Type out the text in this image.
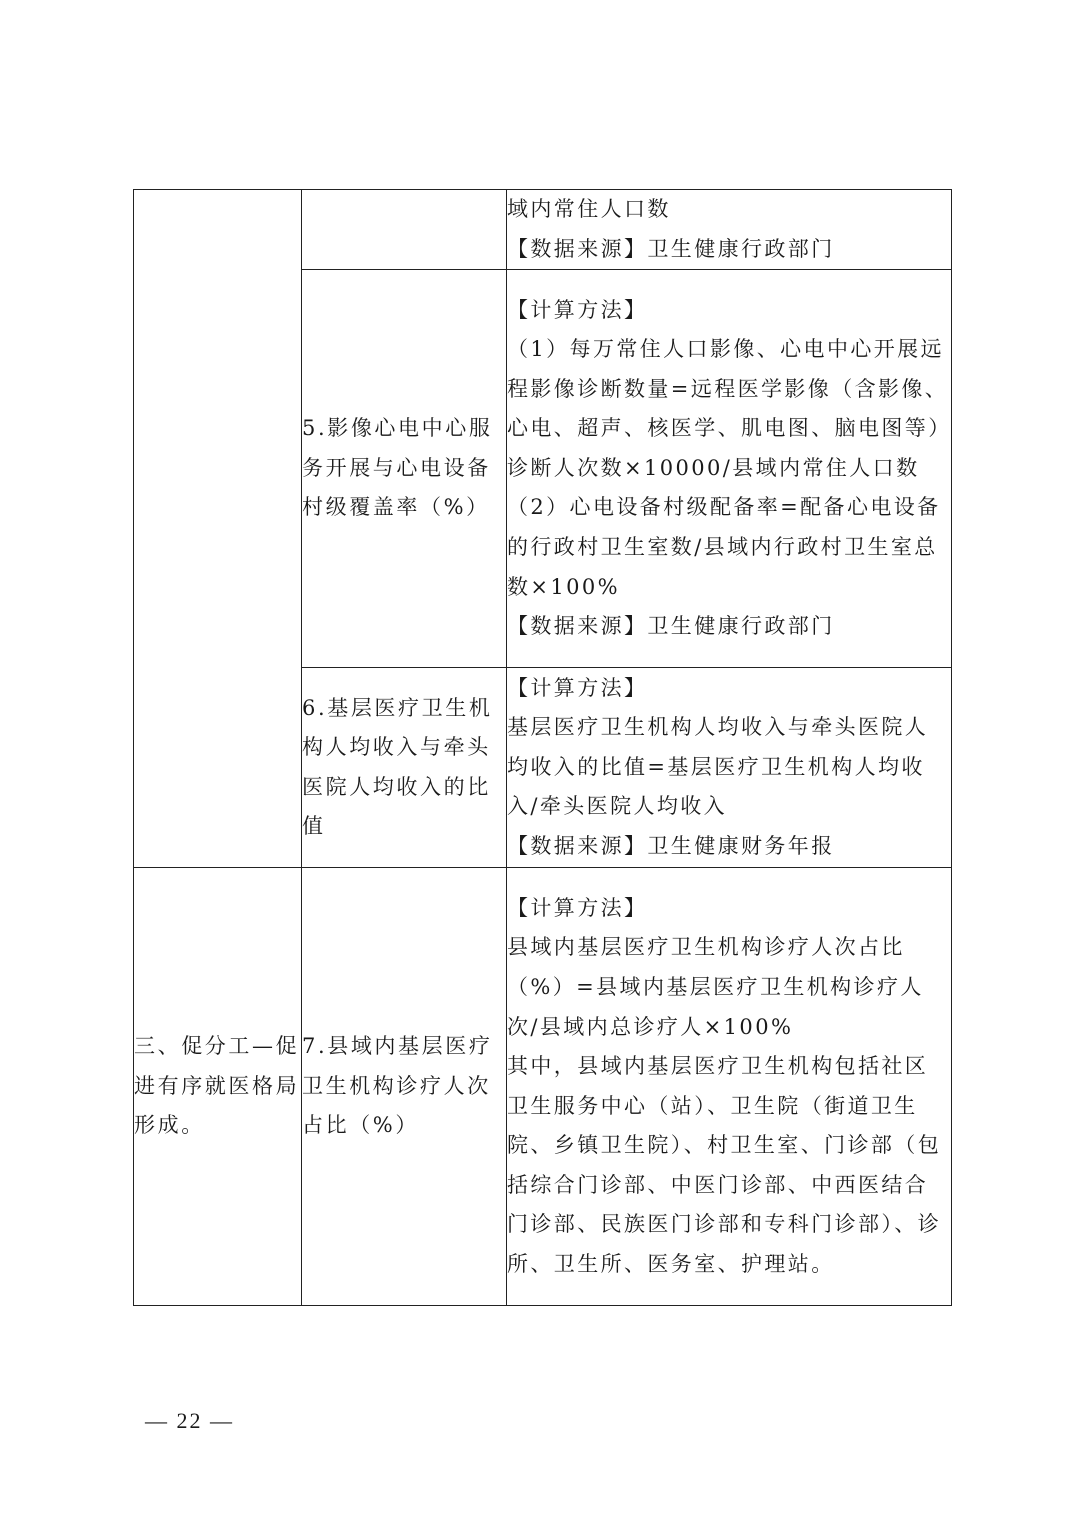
		域内常住人口数
【数据来源】卫生健康行政部门

	5.影像心电中心服务开展与心电设备村级覆盖率（%）	【计算方法】
（1）每万常住人口影像、心电中心开展远程影像诊断数量=远程医学影像（含影像、心电、超声、核医学、肌电图、脑电图等）诊断人次数×10000/县域内常住人口数
（2）心电设备村级配备率=配备心电设备的行政村卫生室数/县域内行政村卫生室总数×100%
【数据来源】卫生健康行政部门

	6.基层医疗卫生机构人均收入与牵头医院人均收入的比值	【计算方法】
基层医疗卫生机构人均收入与牵头医院人均收入的比值=基层医疗卫生机构人均收入/牵头医院人均收入
【数据来源】卫生健康财务年报

三、促分工—促进有序就医格局形成。	7.县域内基层医疗卫生机构诊疗人次占比（%）	【计算方法】
县域内基层医疗卫生机构诊疗人次占比（%）=县域内基层医疗卫生机构诊疗人次/县域内总诊疗人×100%
其中，县域内基层医疗卫生机构包括社区卫生服务中心（站）、卫生院（街道卫生院、乡镇卫生院）、村卫生室、门诊部（包括综合门诊部、中医门诊部、中西医结合门诊部、民族医门诊部和专科门诊部）、诊所、卫生所、医务室、护理站。
— 22 —
